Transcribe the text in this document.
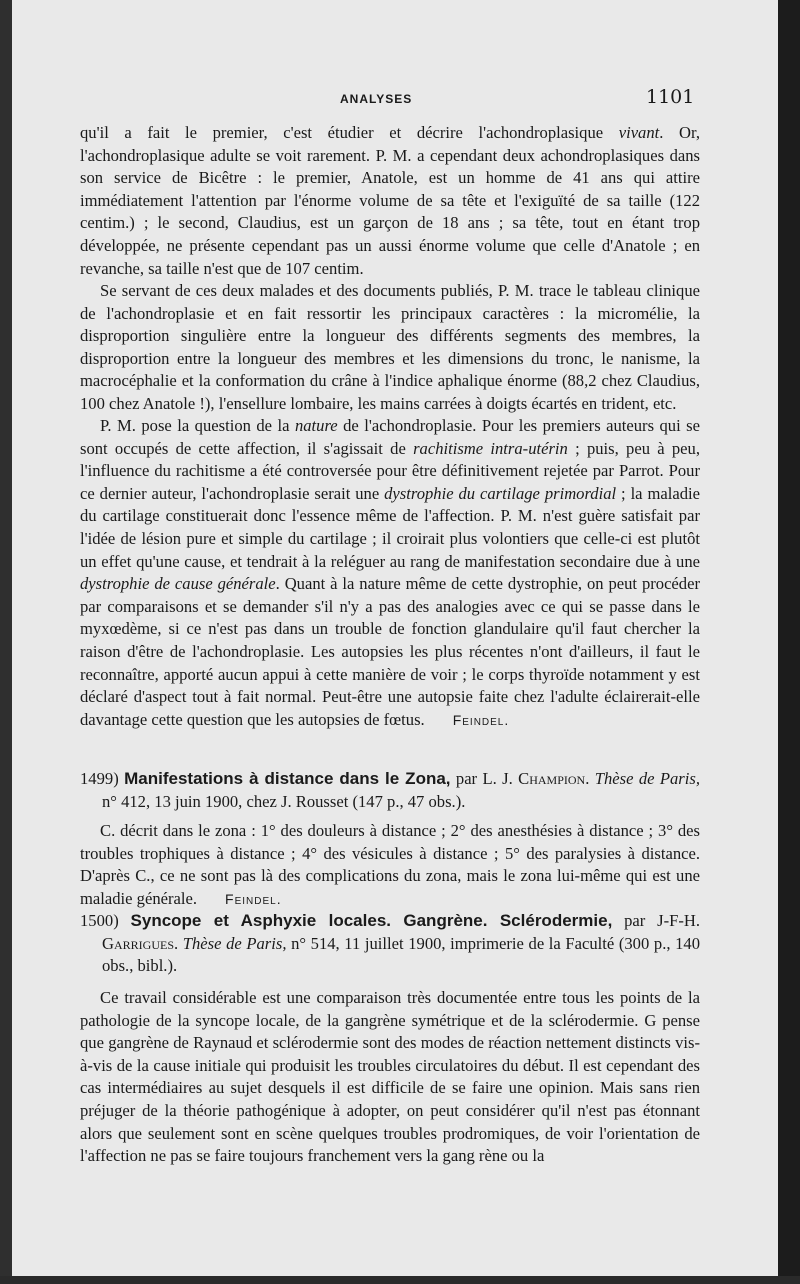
ANALYSES	1101

qu'il a fait le premier, c'est étudier et décrire l'achondroplasique vivant. Or, l'achondroplasique adulte se voit rarement. P. M. a cependant deux achondroplasiques dans son service de Bicêtre : le premier, Anatole, est un homme de 41 ans qui attire immédiatement l'attention par l'énorme volume de sa tête et l'exiguïté de sa taille (122 centim.) ; le second, Claudius, est un garçon de 18 ans ; sa tête, tout en étant trop développée, ne présente cependant pas un aussi énorme volume que celle d'Anatole ; en revanche, sa taille n'est que de 107 centim.

Se servant de ces deux malades et des documents publiés, P. M. trace le tableau clinique de l'achondroplasie et en fait ressortir les principaux caractères : la micromélie, la disproportion singulière entre la longueur des différents segments des membres, la disproportion entre la longueur des membres et les dimensions du tronc, le nanisme, la macrocéphalie et la conformation du crâne à l'indice aphalique énorme (88,2 chez Claudius, 100 chez Anatole !), l'ensellure lombaire, les mains carrées à doigts écartés en trident, etc.

P. M. pose la question de la nature de l'achondroplasie. Pour les premiers auteurs qui se sont occupés de cette affection, il s'agissait de rachitisme intra-utérin ; puis, peu à peu, l'influence du rachitisme a été controversée pour être définitivement rejetée par Parrot. Pour ce dernier auteur, l'achondroplasie serait une dystrophie du cartilage primordial ; la maladie du cartilage constituerait donc l'essence même de l'affection. P. M. n'est guère satisfait par l'idée de lésion pure et simple du cartilage ; il croirait plus volontiers que celle-ci est plutôt un effet qu'une cause, et tendrait à la reléguer au rang de manifestation secondaire due à une dystrophie de cause générale. Quant à la nature même de cette dystrophie, on peut procéder par comparaisons et se demander s'il n'y a pas des analogies avec ce qui se passe dans le myxœdème, si ce n'est pas dans un trouble de fonction glandulaire qu'il faut chercher la raison d'être de l'achondroplasie. Les autopsies les plus récentes n'ont d'ailleurs, il faut le reconnaître, apporté aucun appui à cette manière de voir ; le corps thyroïde notamment y est déclaré d'aspect tout à fait normal. Peut-être une autopsie faite chez l'adulte éclairerait-elle davantage cette question que les autopsies de fœtus. Feindel.

1499) Manifestations à distance dans le Zona, par L. J. Champion. Thèse de Paris, n° 412, 13 juin 1900, chez J. Rousset (147 p., 47 obs.).

C. décrit dans le zona : 1° des douleurs à distance ; 2° des anesthésies à distance ; 3° des troubles trophiques à distance ; 4° des vésicules à distance ; 5° des paralysies à distance. D'après C., ce ne sont pas là des complications du zona, mais le zona lui-même qui est une maladie générale. Feindel.

1500) Syncope et Asphyxie locales. Gangrène. Sclérodermie, par J-F-H. Garrigues. Thèse de Paris, n° 514, 11 juillet 1900, imprimerie de la Faculté (300 p., 140 obs., bibl.).

Ce travail considérable est une comparaison très documentée entre tous les points de la pathologie de la syncope locale, de la gangrène symétrique et de la sclérodermie. G pense que gangrène de Raynaud et sclérodermie sont des modes de réaction nettement distincts vis-à-vis de la cause initiale qui produisit les troubles circulatoires du début. Il est cependant des cas intermédiaires au sujet desquels il est difficile de se faire une opinion. Mais sans rien préjuger de la théorie pathogénique à adopter, on peut considérer qu'il n'est pas étonnant alors que seulement sont en scène quelques troubles prodromiques, de voir l'orientation de l'affection ne pas se faire toujours franchement vers la gang rène ou la
